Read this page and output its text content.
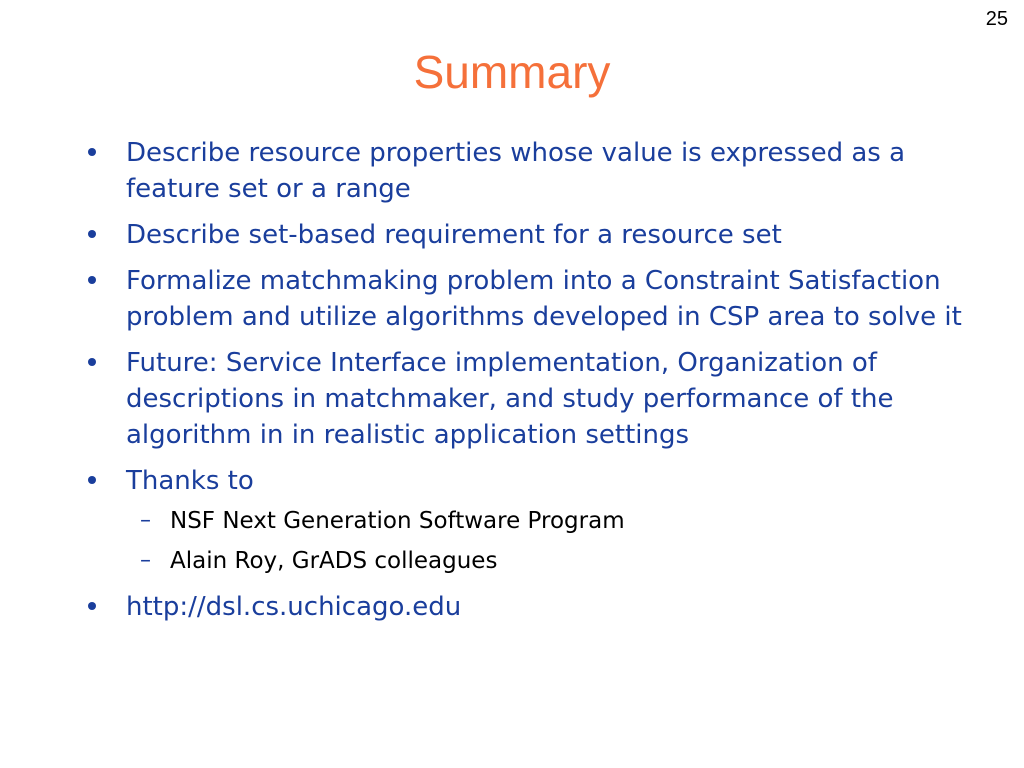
25
Summary
Describe resource properties whose value is expressed as a feature set or a range
Describe set-based requirement for a resource set
Formalize matchmaking problem into a Constraint Satisfaction problem and utilize algorithms developed in CSP area to solve it
Future: Service Interface implementation, Organization of descriptions in matchmaker, and study performance of the algorithm in in realistic application settings
Thanks to
– NSF Next Generation Software Program
– Alain Roy, GrADS colleagues
http://dsl.cs.uchicago.edu
